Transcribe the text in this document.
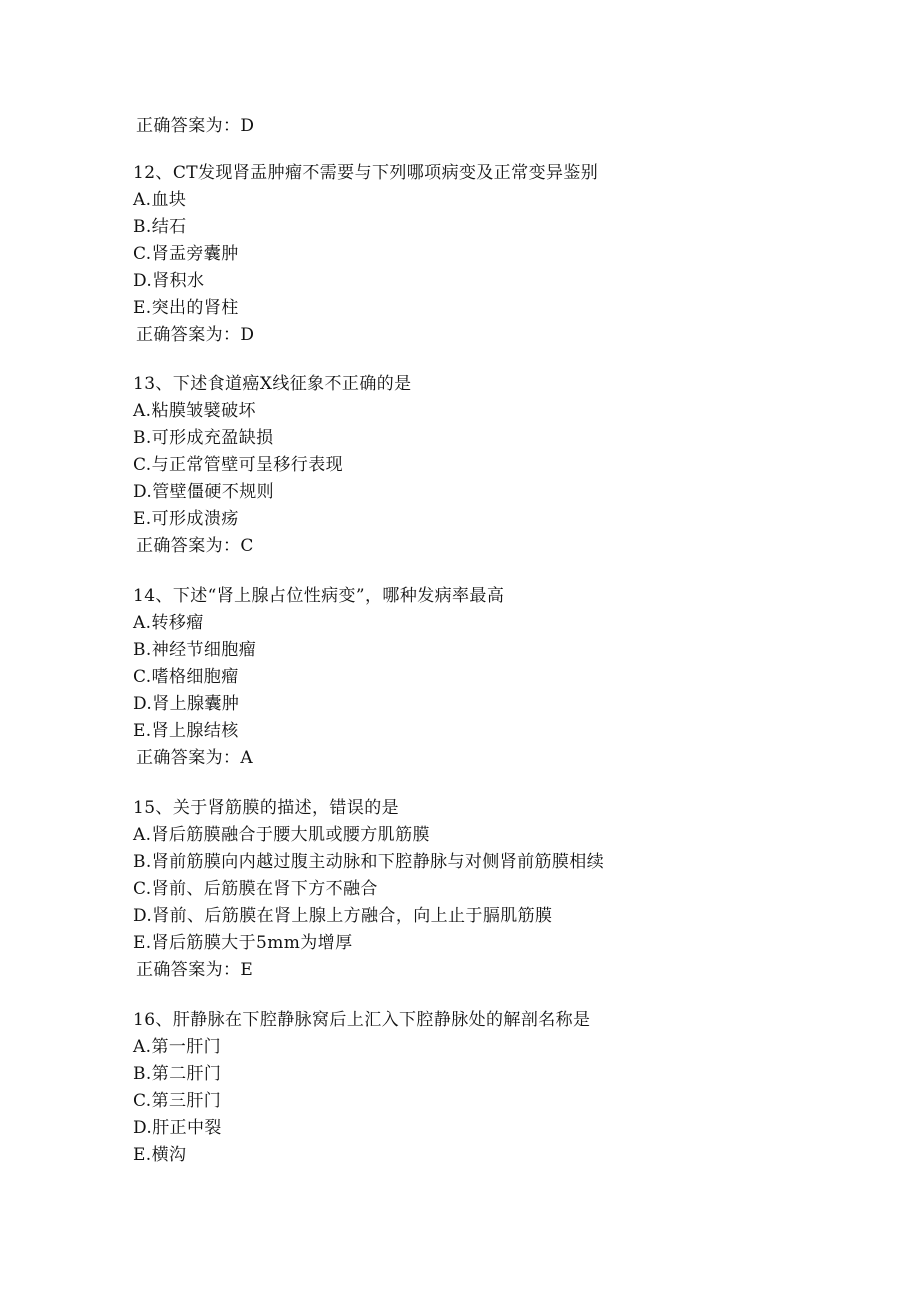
正确答案为：D
12、CT发现肾盂肿瘤不需要与下列哪项病变及正常变异鉴别
A.血块
B.结石
C.肾盂旁囊肿
D.肾积水
E.突出的肾柱
正确答案为：D
13、下述食道癌X线征象不正确的是
A.粘膜皱襞破坏
B.可形成充盈缺损
C.与正常管壁可呈移行表现
D.管壁僵硬不规则
E.可形成溃疡
正确答案为：C
14、下述“肾上腺占位性病变”，哪种发病率最高
A.转移瘤
B.神经节细胞瘤
C.嗜格细胞瘤
D.肾上腺囊肿
E.肾上腺结核
正确答案为：A
15、关于肾筋膜的描述，错误的是
A.肾后筋膜融合于腰大肌或腰方肌筋膜
B.肾前筋膜向内越过腹主动脉和下腔静脉与对侧肾前筋膜相续
C.肾前、后筋膜在肾下方不融合
D.肾前、后筋膜在肾上腺上方融合，向上止于膈肌筋膜
E.肾后筋膜大于5mm为增厚
正确答案为：E
16、肝静脉在下腔静脉窝后上汇入下腔静脉处的解剖名称是
A.第一肝门
B.第二肝门
C.第三肝门
D.肝正中裂
E.横沟
